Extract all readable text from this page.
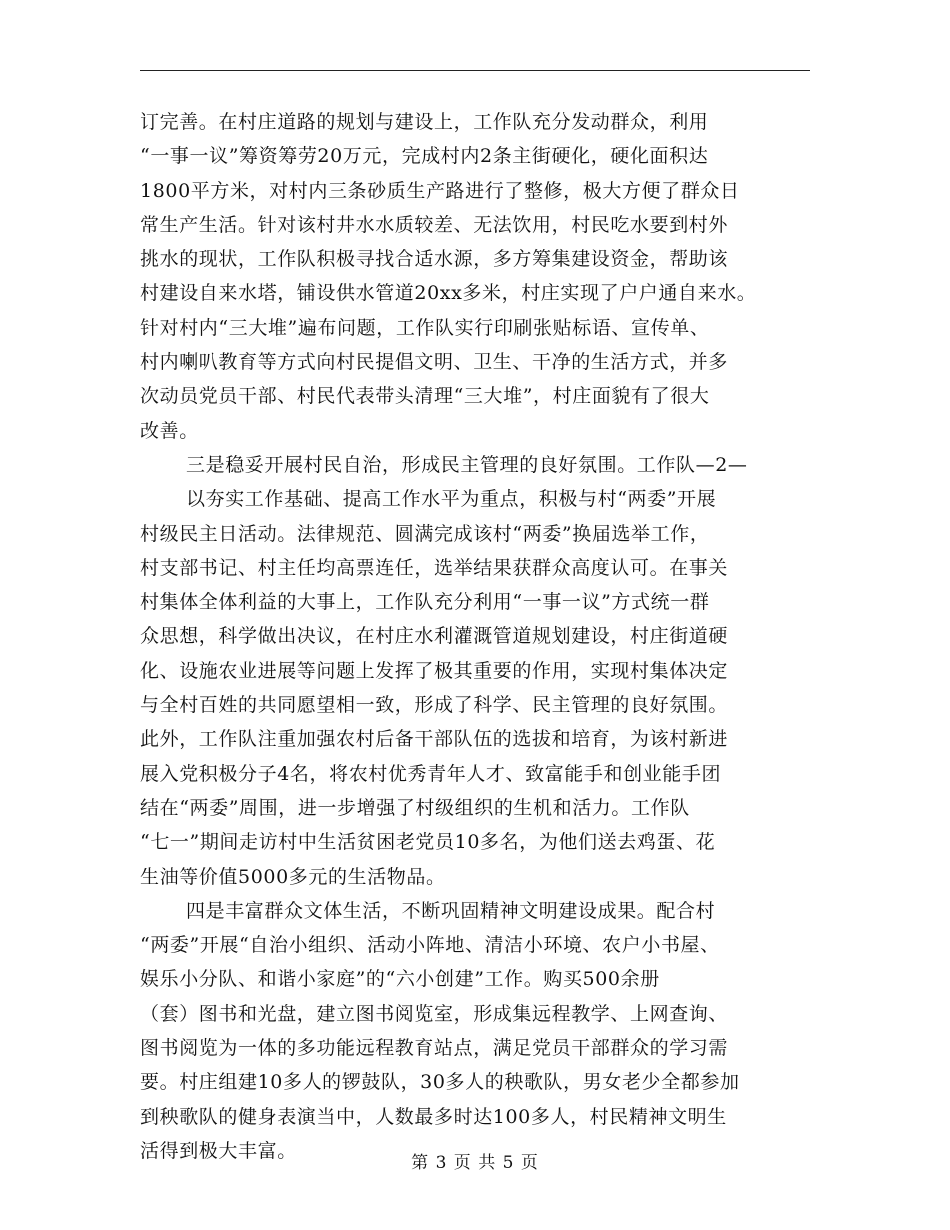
订完善。在村庄道路的规划与建设上，工作队充分发动群众，利用
“一事一议”筹资筹劳20万元，完成村内2条主街硬化，硬化面积达
1800平方米，对村内三条砂质生产路进行了整修，极大方便了群众日
常生产生活。针对该村井水水质较差、无法饮用，村民吃水要到村外
挑水的现状，工作队积极寻找合适水源，多方筹集建设资金，帮助该
村建设自来水塔，铺设供水管道20xx多米，村庄实现了户户通自来水。
针对村内“三大堆”遍布问题，工作队实行印刷张贴标语、宣传单、
村内喇叭教育等方式向村民提倡文明、卫生、干净的生活方式，并多
次动员党员干部、村民代表带头清理“三大堆”，村庄面貌有了很大
改善。
三是稳妥开展村民自治，形成民主管理的良好氛围。工作队—2—
以夯实工作基础、提高工作水平为重点，积极与村“两委”开展
村级民主日活动。法律规范、圆满完成该村“两委”换届选举工作，
村支部书记、村主任均高票连任，选举结果获群众高度认可。在事关
村集体全体利益的大事上，工作队充分利用“一事一议”方式统一群
众思想，科学做出决议，在村庄水利灌溉管道规划建设，村庄街道硬
化、设施农业进展等问题上发挥了极其重要的作用，实现村集体决定
与全村百姓的共同愿望相一致，形成了科学、民主管理的良好氛围。
此外，工作队注重加强农村后备干部队伍的选拔和培育，为该村新进
展入党积极分子4名，将农村优秀青年人才、致富能手和创业能手团
结在“两委”周围，进一步增强了村级组织的生机和活力。工作队
“七一”期间走访村中生活贫困老党员10多名，为他们送去鸡蛋、花
生油等价值5000多元的生活物品。
四是丰富群众文体生活，不断巩固精神文明建设成果。配合村
“两委”开展“自治小组织、活动小阵地、清洁小环境、农户小书屋、
娱乐小分队、和谐小家庭”的“六小创建”工作。购买500余册
（套）图书和光盘，建立图书阅览室，形成集远程教学、上网查询、
图书阅览为一体的多功能远程教育站点，满足党员干部群众的学习需
要。村庄组建10多人的锣鼓队，30多人的秧歌队，男女老少全都参加
到秧歌队的健身表演当中，人数最多时达100多人，村民精神文明生
活得到极大丰富。
第 3 页 共 5 页
